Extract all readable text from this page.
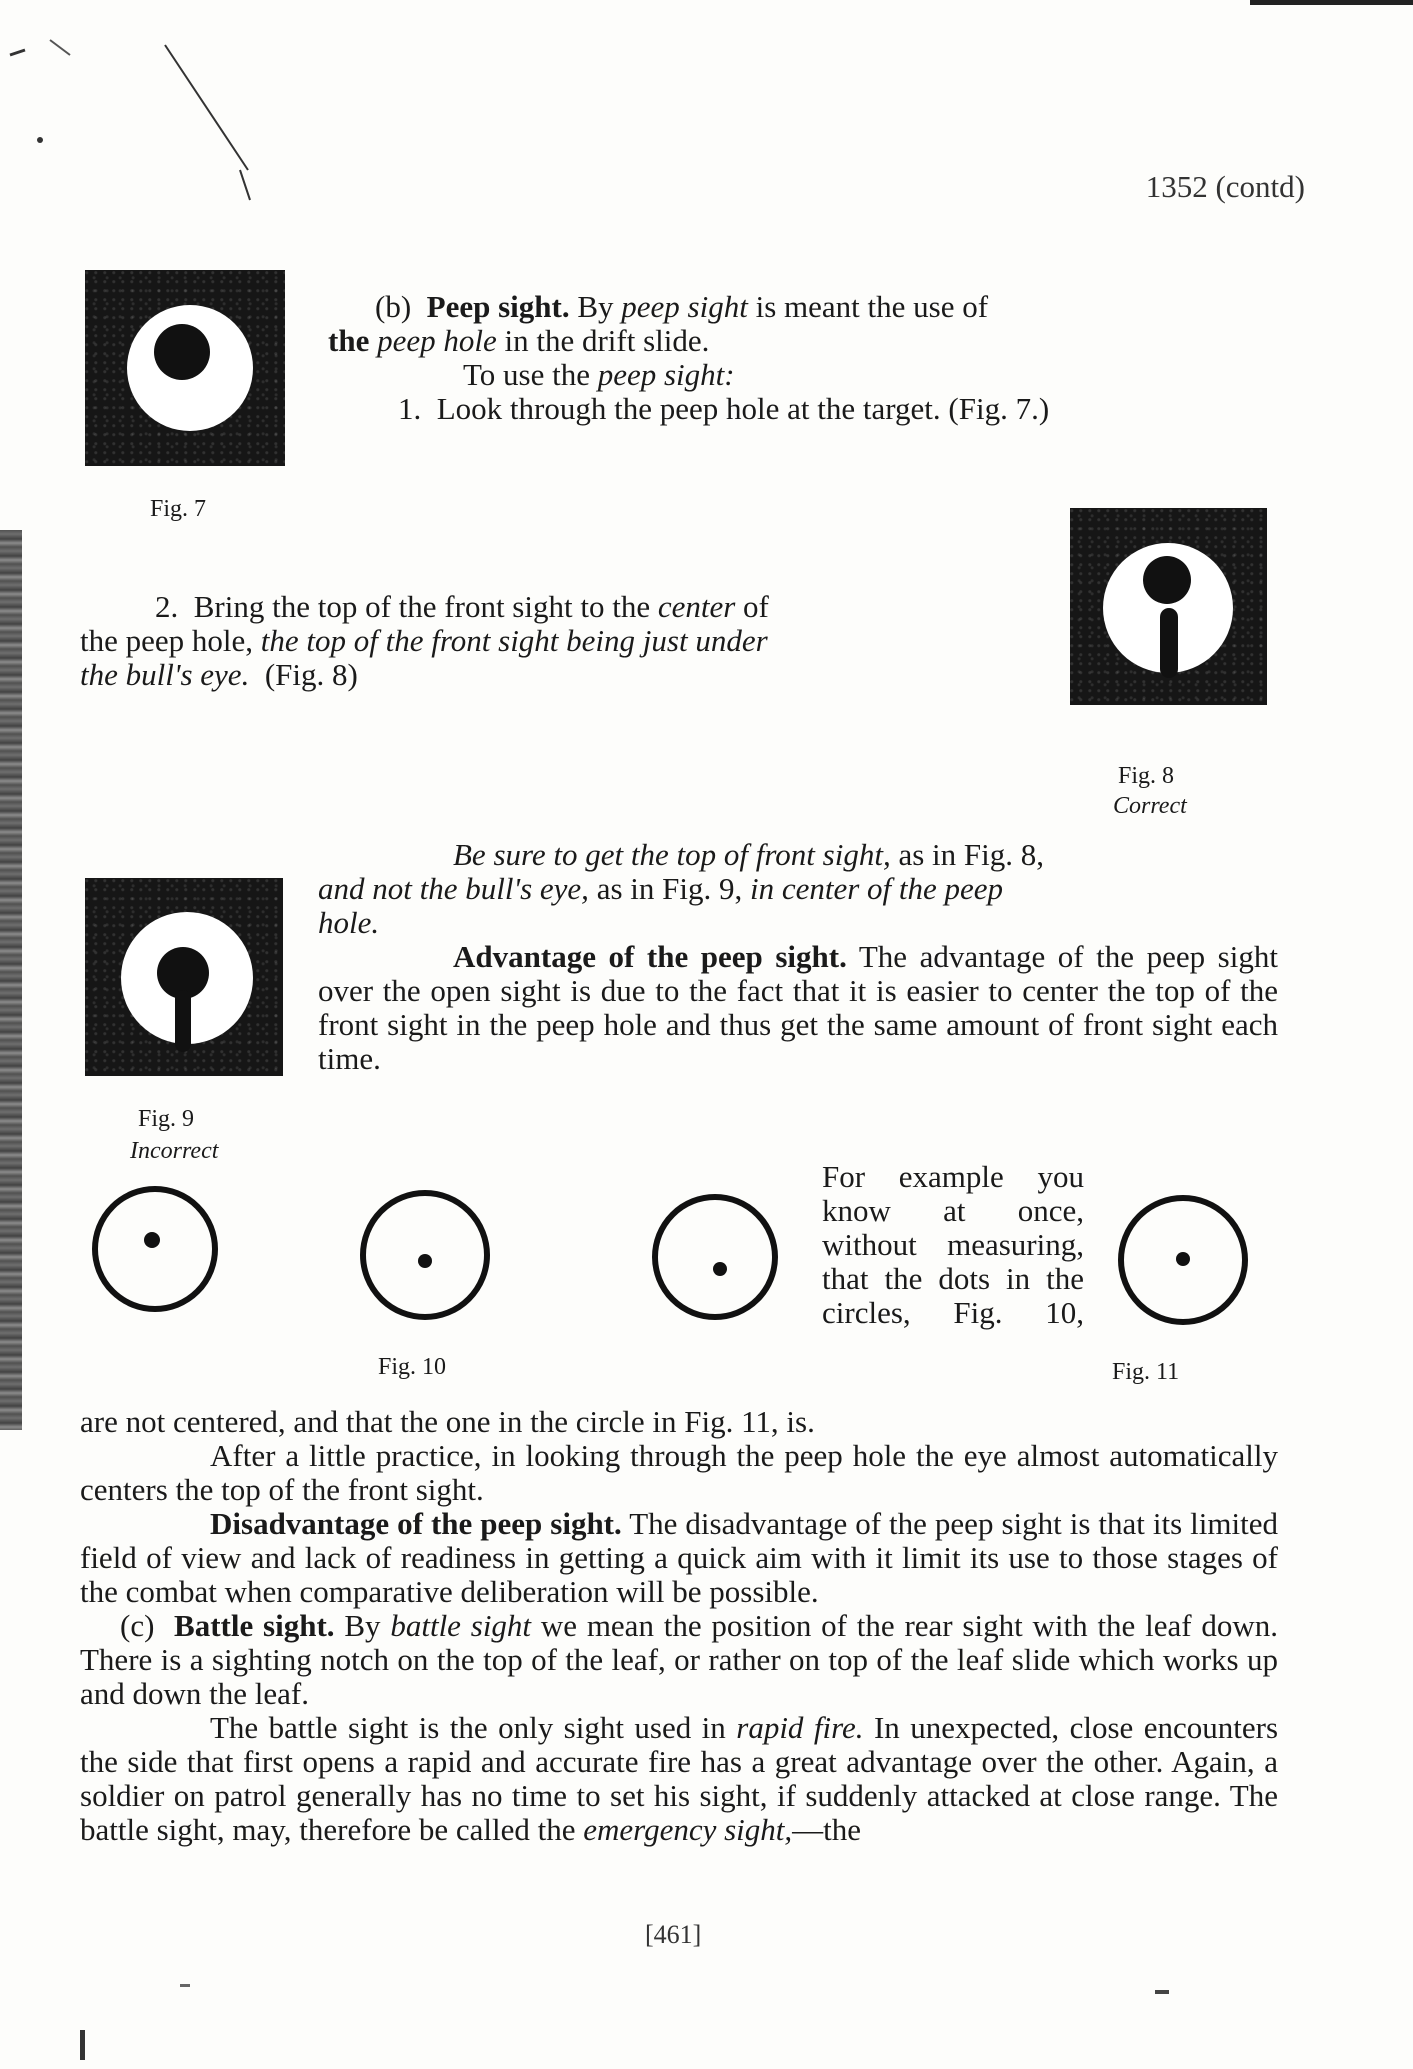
1352 (contd)
Fig. 7
(b) Peep sight. By peep sight is meant the use of
the peep hole in the drift slide.
To use the peep sight:
1. Look through the peep hole at the target. (Fig. 7.)
2. Bring the top of the front sight to the center of
the peep hole, the top of the front sight being just under
the bull's eye. (Fig. 8)
Fig. 8
Correct
Fig. 9
Incorrect
Be sure to get the top of front sight, as in Fig. 8,
and not the bull's eye, as in Fig. 9, in center of the peep
hole.
Advantage of the peep sight. The advantage of the peep sight over the open sight is due to the fact that it is easier to center the top of the front sight in the peep hole and thus get the same amount of front sight each time.
Fig. 10
For example you know at once, without measuring, that the dots in the circles, Fig. 10,
Fig. 11
are not centered, and that the one in the circle in Fig. 11, is.
After a little practice, in looking through the peep hole the eye almost automatically centers the top of the front sight.
Disadvantage of the peep sight. The disadvantage of the peep sight is that its limited field of view and lack of readiness in getting a quick aim with it limit its use to those stages of the combat when comparative deliberation will be possible.
(c) Battle sight. By battle sight we mean the position of the rear sight with the leaf down. There is a sighting notch on the top of the leaf, or rather on top of the leaf slide which works up and down the leaf.
The battle sight is the only sight used in rapid fire. In unexpected, close encounters the side that first opens a rapid and accurate fire has a great advantage over the other. Again, a soldier on patrol generally has no time to set his sight, if suddenly attacked at close range. The battle sight, may, therefore be called the emergency sight,—the
[461]
